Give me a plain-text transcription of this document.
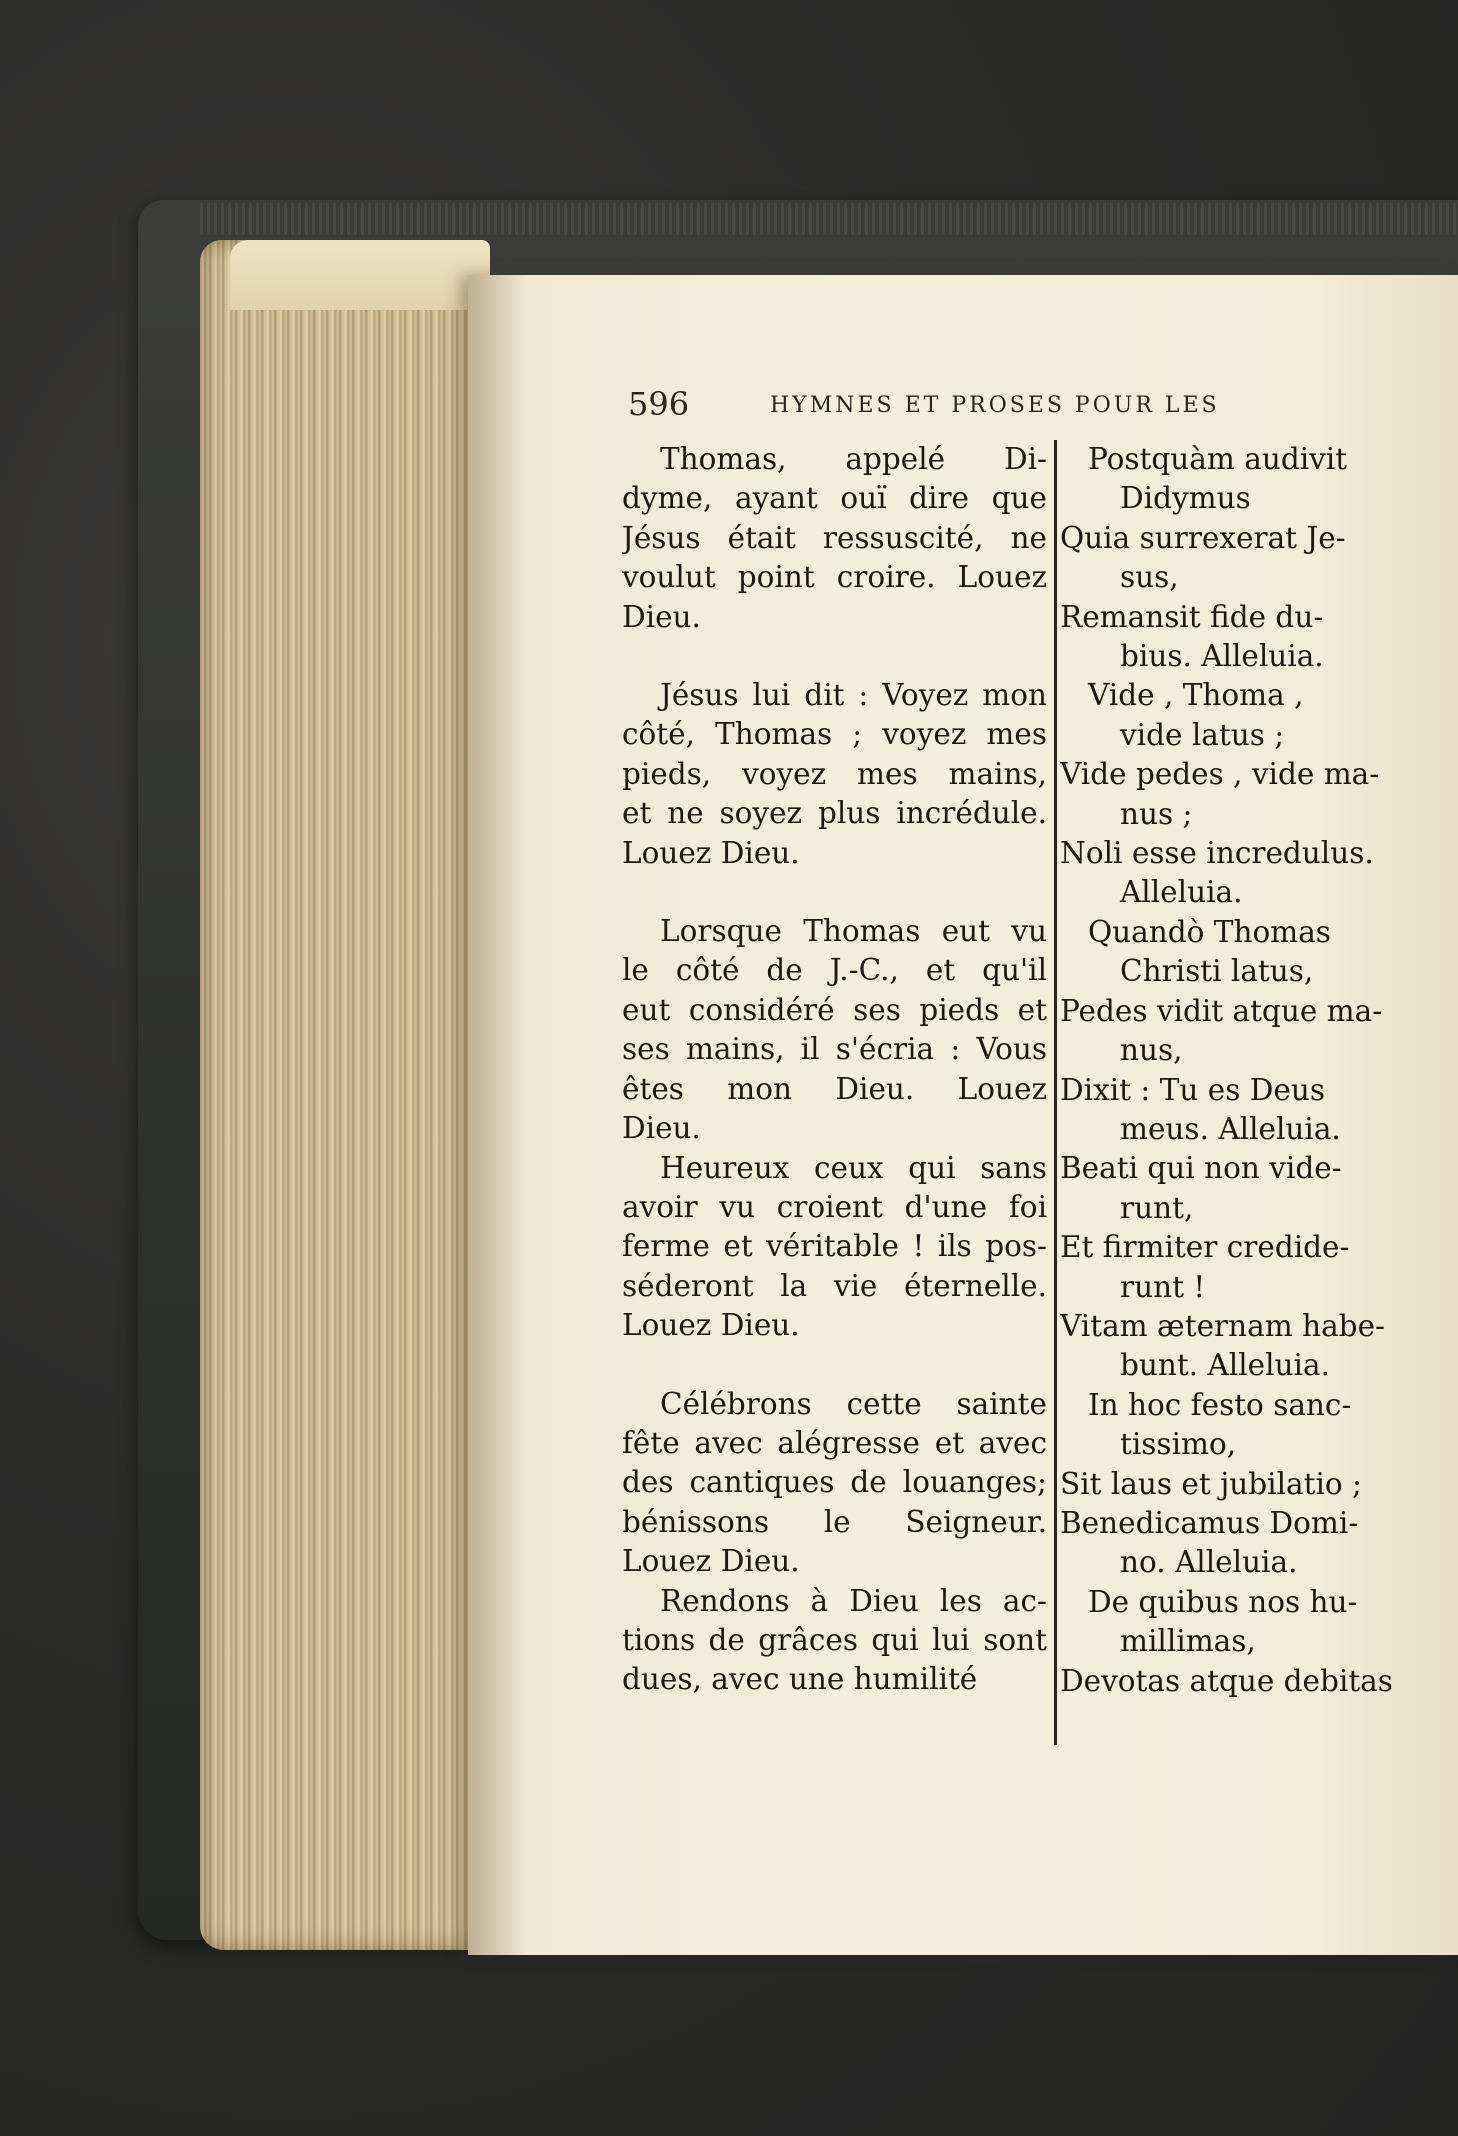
596	HYMNES ET PROSES POUR LES
Thomas, appelé Di-
dyme, ayant ouï dire que
Jésus était ressuscité, ne
voulut point croire. Louez
Dieu.
Jésus lui dit : Voyez mon
côté, Thomas ; voyez mes
pieds, voyez mes mains,
et ne soyez plus incrédule.
Louez Dieu.
Lorsque Thomas eut vu
le côté de J.-C., et qu'il
eut considéré ses pieds et
ses mains, il s'écria : Vous
êtes mon Dieu. Louez
Dieu.
Heureux ceux qui sans
avoir vu croient d'une foi
ferme et véritable ! ils pos-
séderont la vie éternelle.
Louez Dieu.
Célébrons cette sainte
fête avec alégresse et avec
des cantiques de louanges;
bénissons le Seigneur.
Louez Dieu.
Rendons à Dieu les ac-
tions de grâces qui lui sont
dues, avec une humilité
Postquàm audivit
Didymus
Quia surrexerat Je-
sus,
Remansit fide du-
bius. Alleluia.
Vide , Thoma ,
vide latus ;
Vide pedes , vide ma-
nus ;
Noli esse incredulus.
Alleluia.
Quandò Thomas
Christi latus,
Pedes vidit atque ma-
nus,
Dixit : Tu es Deus
meus. Alleluia.
Beati qui non vide-
runt,
Et firmiter credide-
runt !
Vitam æternam habe-
bunt. Alleluia.
In hoc festo sanc-
tissimo,
Sit laus et jubilatio ;
Benedicamus Domi-
no. Alleluia.
De quibus nos hu-
millimas,
Devotas atque debitas
